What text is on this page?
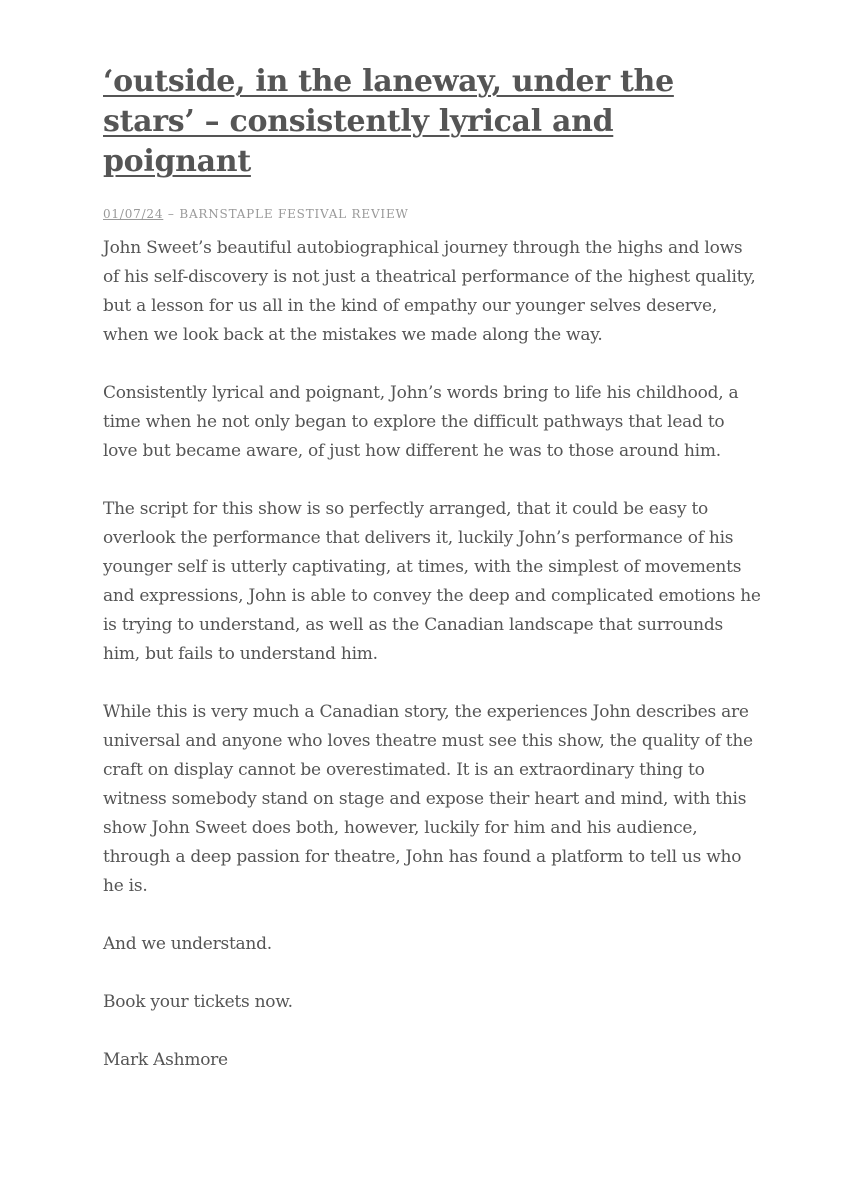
‘outside, in the laneway, under the stars’ – consistently lyrical and poignant
01/07/24 – BARNSTAPLE FESTIVAL REVIEW

John Sweet’s beautiful autobiographical journey through the highs and lows of his self-discovery is not just a theatrical performance of the highest quality, but a lesson for us all in the kind of empathy our younger selves deserve, when we look back at the mistakes we made along the way.

Consistently lyrical and poignant, John’s words bring to life his childhood, a time when he not only began to explore the difficult pathways that lead to love but became aware, of just how different he was to those around him.

The script for this show is so perfectly arranged, that it could be easy to overlook the performance that delivers it, luckily John’s performance of his younger self is utterly captivating, at times, with the simplest of movements and expressions, John is able to convey the deep and complicated emotions he is trying to understand, as well as the Canadian landscape that surrounds him, but fails to understand him.

While this is very much a Canadian story, the experiences John describes are universal and anyone who loves theatre must see this show, the quality of the craft on display cannot be overestimated. It is an extraordinary thing to witness somebody stand on stage and expose their heart and mind, with this show John Sweet does both, however, luckily for him and his audience, through a deep passion for theatre, John has found a platform to tell us who he is.

And we understand.

Book your tickets now.

Mark Ashmore
